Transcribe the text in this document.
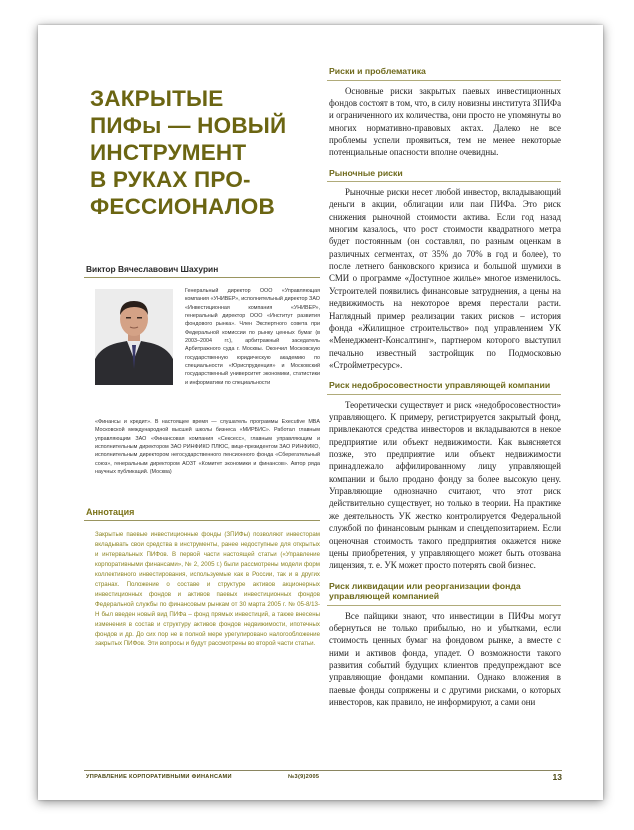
ЗАКРЫТЫЕ
ПИФы — НОВЫЙ
ИНСТРУМЕНТ
В РУКАХ ПРО-
ФЕССИОНАЛОВ
Виктор Вячеславович Шахурин
Генеральный директор ООО «Управляющая компания «УНИВЕР», исполнительный директор ЗАО «Инвестиционная компания «УНИВЕР», генеральный директор ООО «Институт развития фондового рынка». Член Экспертного совета при Федеральной комиссии по рынку ценных бумаг (в 2003–2004 гг.), арбитражный заседатель Арбитражного суда г. Москвы. Окончил Московскую государственную юридическую академию по специальности «Юриспруденция» и Московский государственный университет экономики, статистики и информатики по специальности
«Финансы и кредит». В настоящее время — слушатель программы Executive MBA Московской международной высшей школы бизнеса «МИРБИС». Работал главным управляющим ЗАО «Финансовая компания «Сексесс», главным управляющим и исполнительным директором ЗАО РИНФИКО ПЛЮС, вице-президентом ЗАО РИНФИКО, исполнительным директором негосударственного пенсионного фонда «Сберегательный союз», генеральным директором АОЗТ «Комитет экономики и финансов». Автор ряда научных публикаций. (Москва)
Аннотация
Закрытые паевые инвестиционные фонды (ЗПИФы) позволяют инвесторам вкладывать свои средства в инструменты, ранее недоступные для открытых и интервальных ПИФов. В первой части настоящей статьи («Управление корпоративными финансами», № 2, 2005 г.) были рассмотрены модели форм коллективного инвестирования, используемые как в России, так и в других странах. Положение о составе и структуре активов акционерных инвестиционных фондов и активов паевых инвестиционных фондов Федеральной службы по финансовым рынкам от 30 марта 2005 г. № 05-8/13-Н был введен новый вид ПИФа – фонд прямых инвестиций, а также внесены изменения в состав и структуру активов фондов недвижимости, ипотечных фондов и др. До сих пор не в полной мере урегулировано налогообложение закрытых ПИФов. Эти вопросы и будут рассмотрены во второй части статьи.
Риски и проблематика

Основные риски закрытых паевых инвестиционных фондов состоят в том, что, в силу новизны института ЗПИФа и ограниченного их количества, они просто не упомянуты во многих нормативно-правовых актах. Далеко не все проблемы успели проявиться, тем не менее некоторые потенциальные опасности вполне очевидны.

Рыночные риски

Рыночные риски несет любой инвестор, вкладывающий деньги в акции, облигации или паи ПИФа. Это риск снижения рыночной стоимости актива. Если год назад многим казалось, что рост стоимости квадратного метра будет постоянным (он составлял, по разным оценкам в различных сегментах, от 35% до 70% в год и более), то после летнего банковского кризиса и большой шумихи в СМИ о программе «Доступное жилье» многое изменилось. Устроителей появились финансовые затруднения, а цены на недвижимость на некоторое время перестали расти. Наглядный пример реализации таких рисков – история фонда «Жилищное строительство» под управлением УК «Менеджмент-Консалтинг», партнером которого выступил печально известный застройщик по Подмосковью «Стройметресурс».

Риск недобросовестности управляющей компании

Теоретически существует и риск «недобросовестности» управляющего. К примеру, регистрируется закрытый фонд, привлекаются средства инвесторов и вкладываются в некое предприятие или объект недвижимости. Как выясняется позже, это предприятие или объект недвижимости принадлежало аффилированному лицу управляющей компании и было продано фонду за более высокую цену. Управляющие однозначно считают, что этот риск действительно существует, но только в теории. На практике же деятельность УК жестко контролируется Федеральной службой по финансовым рынкам и спецдепозитарием. Если оценочная стоимость такого предприятия окажется ниже цены приобретения, у управляющего может быть отозвана лицензия, т. е. УК может просто потерять свой бизнес.

Риск ликвидации или реорганизации фонда управляющей компанией

Все пайщики знают, что инвестиции в ПИФы могут обернуться не только прибылью, но и убытками, если стоимость ценных бумаг на фондовом рынке, а вместе с ними и активов фонда, упадет. О возможности такого развития событий будущих клиентов предупреждают все управляющие фондами компании. Однако вложения в паевые фонды сопряжены и с другими рисками, о которых инвесторов, как правило, не информируют, а сами они

УПРАВЛЕНИЕ КОРПОРАТИВНЫМИ ФИНАНСАМИ	№3(9)2005	13
